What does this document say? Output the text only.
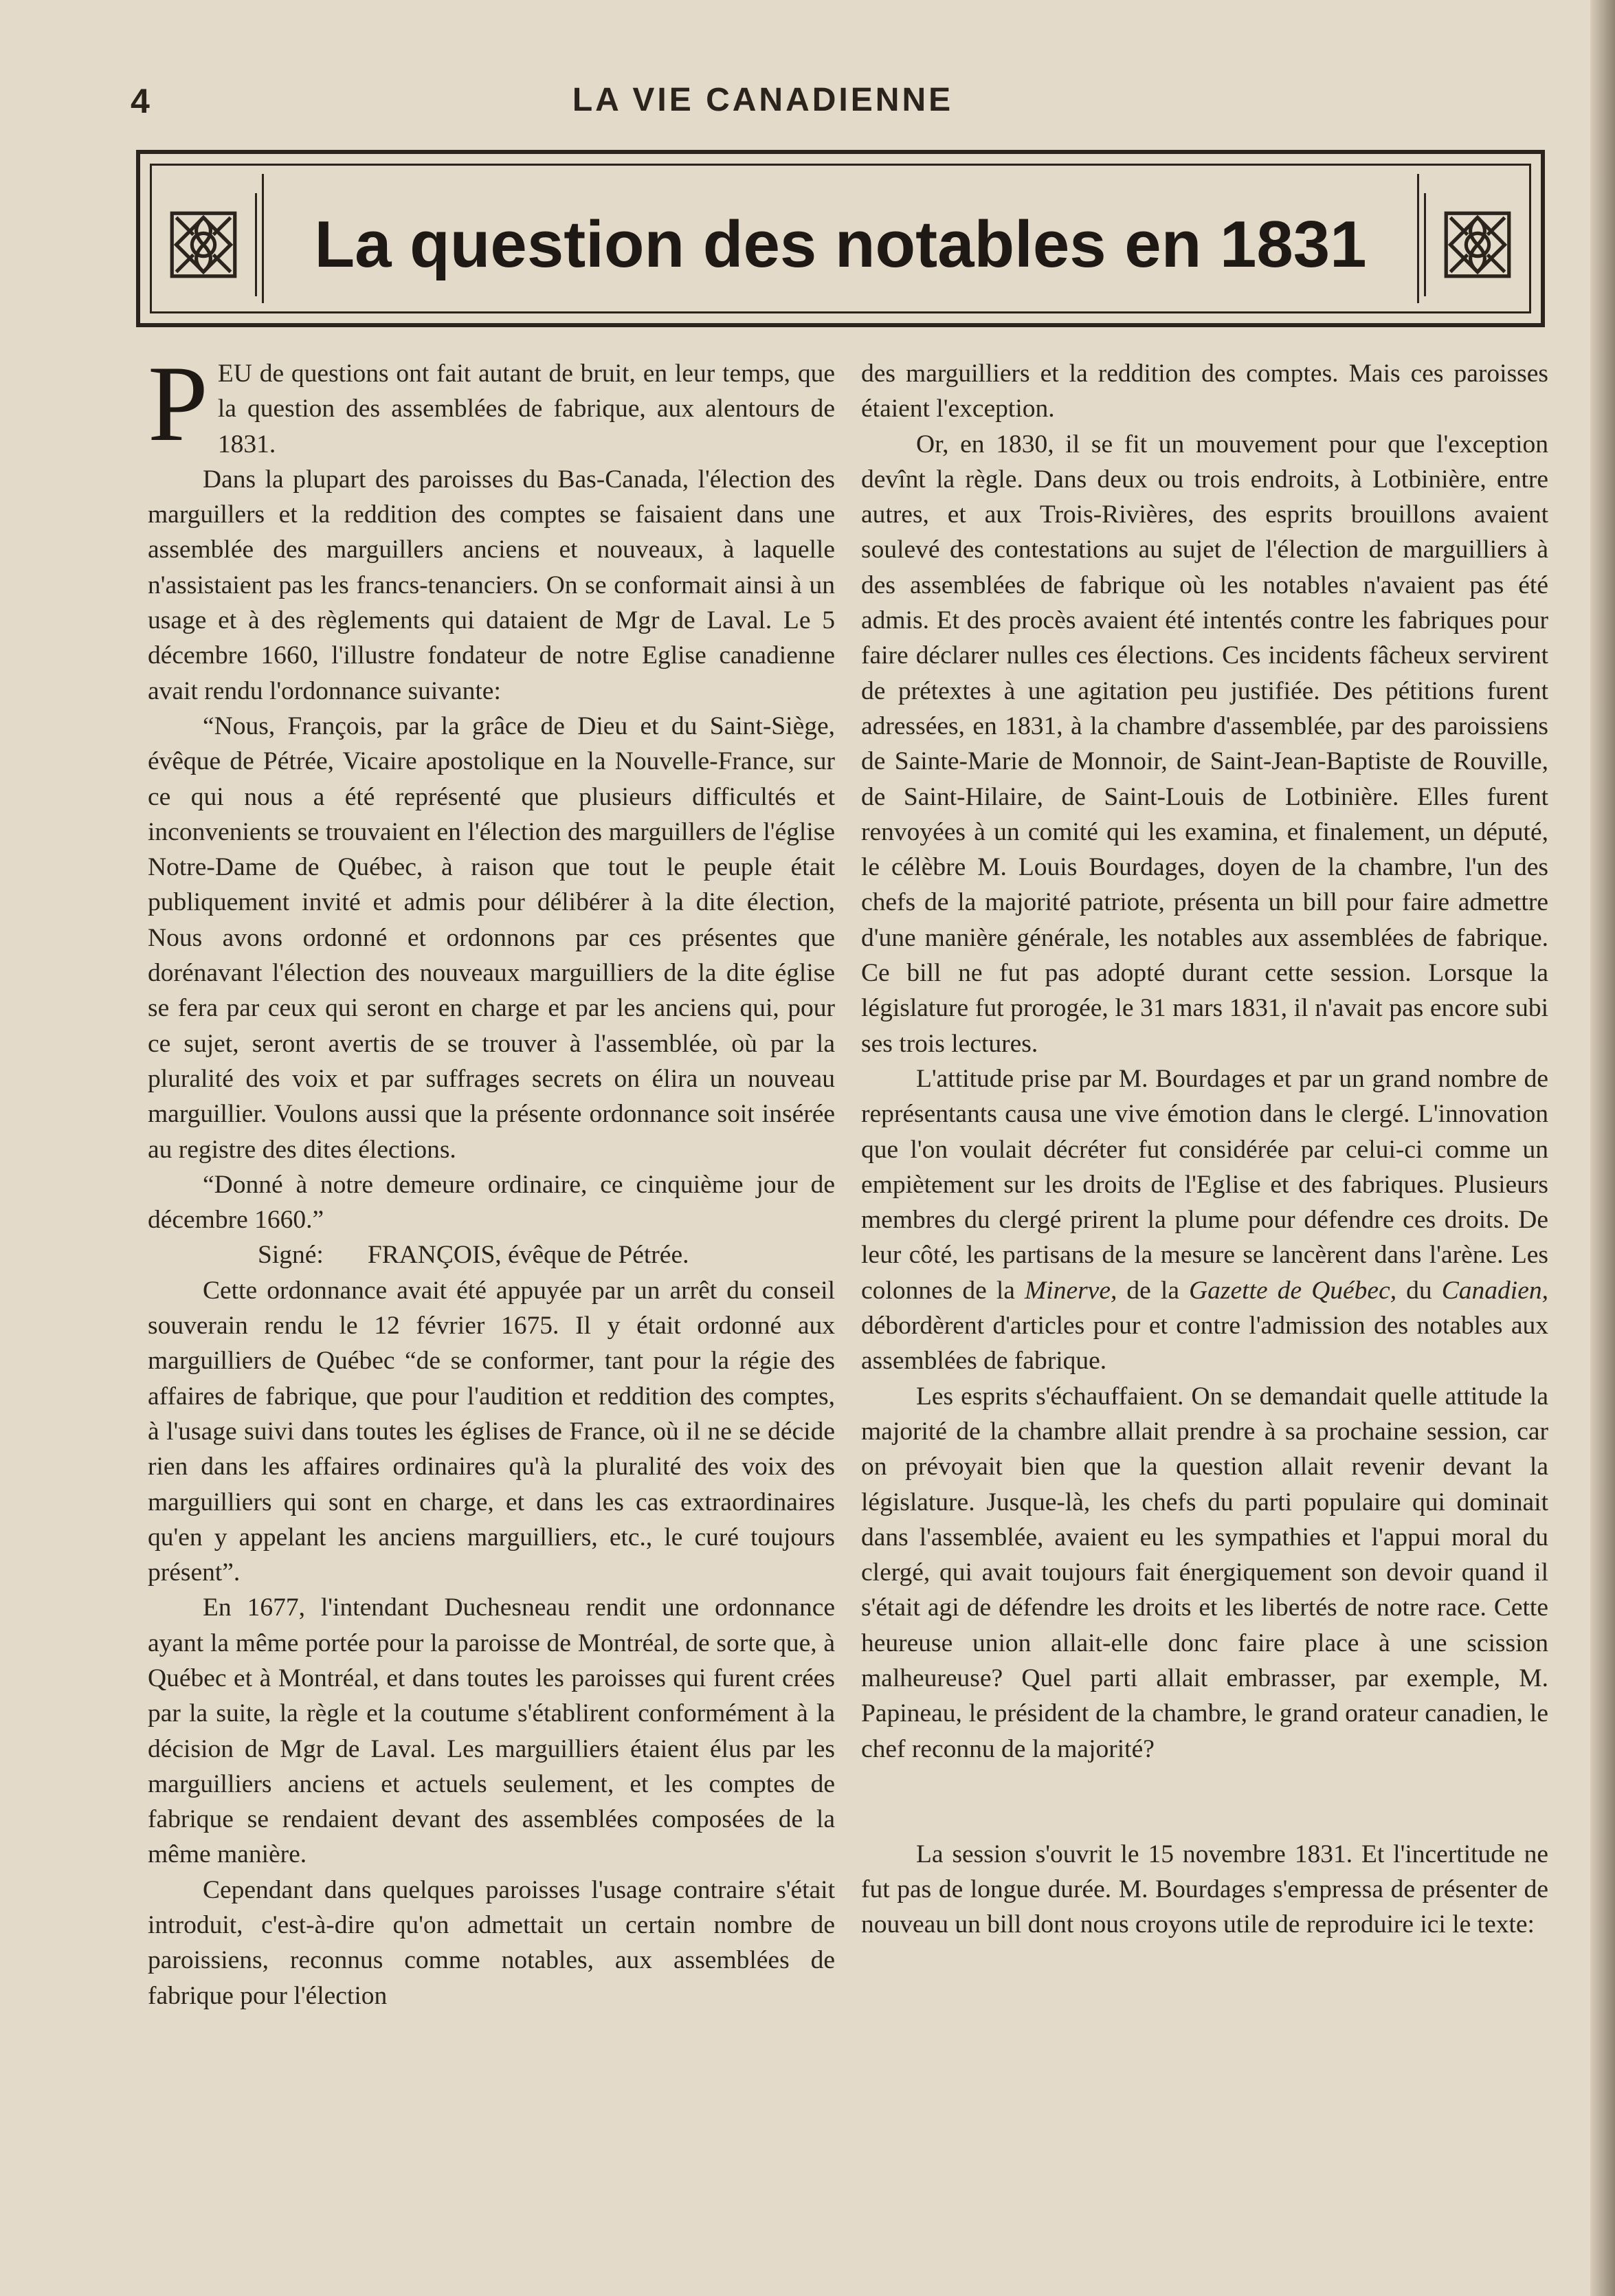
4	LA VIE CANADIENNE
La question des notables en 1831

PEU de questions ont fait autant de bruit, en leur temps, que la question des assemblées de fabrique, aux alentours de 1831.

Dans la plupart des paroisses du Bas-Canada, l'élection des marguillers et la reddition des comptes se faisaient dans une assemblée des marguillers anciens et nouveaux, à laquelle n'assistaient pas les francs-tenanciers. On se conformait ainsi à un usage et à des règlements qui dataient de Mgr de Laval. Le 5 décembre 1660, l'illustre fondateur de notre Eglise canadienne avait rendu l'ordonnance suivante:

“Nous, François, par la grâce de Dieu et du Saint-Siège, évêque de Pétrée, Vicaire apostolique en la Nouvelle-France, sur ce qui nous a été représenté que plusieurs difficultés et inconvenients se trouvaient en l'élection des marguillers de l'église Notre-Dame de Québec, à raison que tout le peuple était publiquement invité et admis pour délibérer à la dite élection, Nous avons ordonné et ordonnons par ces présentes que dorénavant l'élection des nouveaux marguilliers de la dite église se fera par ceux qui seront en charge et par les anciens qui, pour ce sujet, seront avertis de se trouver à l'assemblée, où par la pluralité des voix et par suffrages secrets on élira un nouveau marguillier. Voulons aussi que la présente ordonnance soit insérée au registre des dites élections.

“Donné à notre demeure ordinaire, ce cinquième jour de décembre 1660.”

Signé: FRANÇOIS, évêque de Pétrée.

Cette ordonnance avait été appuyée par un arrêt du conseil souverain rendu le 12 février 1675. Il y était ordonné aux marguilliers de Québec “de se conformer, tant pour la régie des affaires de fabrique, que pour l'audition et reddition des comptes, à l'usage suivi dans toutes les églises de France, où il ne se décide rien dans les affaires ordinaires qu'à la pluralité des voix des marguilliers qui sont en charge, et dans les cas extraordinaires qu'en y appelant les anciens marguilliers, etc., le curé toujours présent”.

En 1677, l'intendant Duchesneau rendit une ordonnance ayant la même portée pour la paroisse de Montréal, de sorte que, à Québec et à Montréal, et dans toutes les paroisses qui furent crées par la suite, la règle et la coutume s'établirent conformément à la décision de Mgr de Laval. Les marguilliers étaient élus par les marguilliers anciens et actuels seulement, et les comptes de fabrique se rendaient devant des assemblées composées de la même manière.

Cependant dans quelques paroisses l'usage contraire s'était introduit, c'est-à-dire qu'on admettait un certain nombre de paroissiens, reconnus comme notables, aux assemblées de fabrique pour l'élection

des marguilliers et la reddition des comptes. Mais ces paroisses étaient l'exception.

Or, en 1830, il se fit un mouvement pour que l'exception devînt la règle. Dans deux ou trois endroits, à Lotbinière, entre autres, et aux Trois-Rivières, des esprits brouillons avaient soulevé des contestations au sujet de l'élection de marguilliers à des assemblées de fabrique où les notables n'avaient pas été admis. Et des procès avaient été intentés contre les fabriques pour faire déclarer nulles ces élections. Ces incidents fâcheux servirent de prétextes à une agitation peu justifiée. Des pétitions furent adressées, en 1831, à la chambre d'assemblée, par des paroissiens de Sainte-Marie de Monnoir, de Saint-Jean-Baptiste de Rouville, de Saint-Hilaire, de Saint-Louis de Lotbinière. Elles furent renvoyées à un comité qui les examina, et finalement, un député, le célèbre M. Louis Bourdages, doyen de la chambre, l'un des chefs de la majorité patriote, présenta un bill pour faire admettre d'une manière générale, les notables aux assemblées de fabrique. Ce bill ne fut pas adopté durant cette session. Lorsque la législature fut prorogée, le 31 mars 1831, il n'avait pas encore subi ses trois lectures.

L'attitude prise par M. Bourdages et par un grand nombre de représentants causa une vive émotion dans le clergé. L'innovation que l'on voulait décréter fut considérée par celui-ci comme un empiètement sur les droits de l'Eglise et des fabriques. Plusieurs membres du clergé prirent la plume pour défendre ces droits. De leur côté, les partisans de la mesure se lancèrent dans l'arène. Les colonnes de la Minerve, de la Gazette de Québec, du Canadien, débordèrent d'articles pour et contre l'admission des notables aux assemblées de fabrique.

Les esprits s'échauffaient. On se demandait quelle attitude la majorité de la chambre allait prendre à sa prochaine session, car on prévoyait bien que la question allait revenir devant la législature. Jusque-là, les chefs du parti populaire qui dominait dans l'assemblée, avaient eu les sympathies et l'appui moral du clergé, qui avait toujours fait énergiquement son devoir quand il s'était agi de défendre les droits et les libertés de notre race. Cette heureuse union allait-elle donc faire place à une scission malheureuse? Quel parti allait embrasser, par exemple, M. Papineau, le président de la chambre, le grand orateur canadien, le chef reconnu de la majorité?

La session s'ouvrit le 15 novembre 1831. Et l'incertitude ne fut pas de longue durée. M. Bourdages s'empressa de présenter de nouveau un bill dont nous croyons utile de reproduire ici le texte:
